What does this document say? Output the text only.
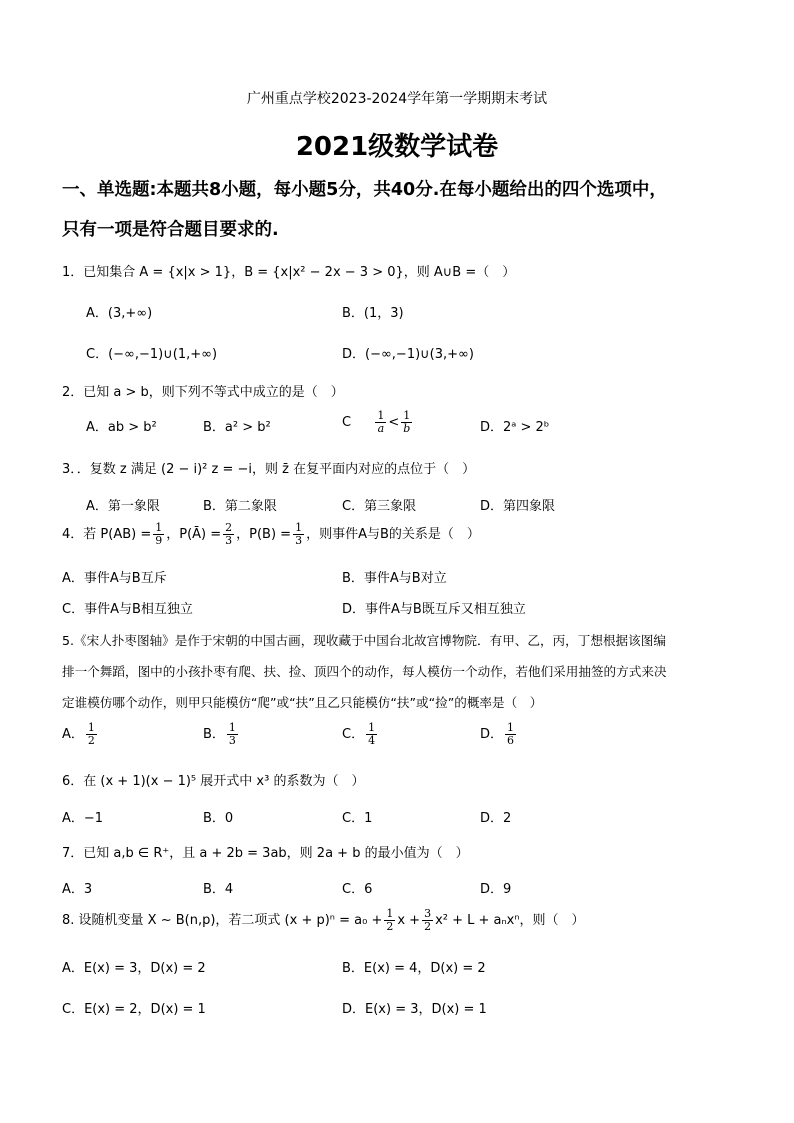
广州重点学校2023-2024学年第一学期期末考试
2021级数学试卷
一、单选题:本题共8小题，每小题5分，共40分.在每小题给出的四个选项中，
只有一项是符合题目要求的.
1．已知集合 A = {x|x > 1}，B = {x|x² − 2x − 3 > 0}，则 A∪B =（　）
A．(3,+∞)	B．(1，3)
C．(−∞,−1)∪(1,+∞)	D．(−∞,−1)∪(3,+∞)
2．已知 a > b，则下列不等式中成立的是（　）
A．ab > b²	B．a² > b²	C $\frac{1}{a} < \frac{1}{b}$	D．2ᵃ > 2ᵇ
3．．复数 z 满足 (2 − i)² z = −i，则 z̄ 在复平面内对应的点位于（　）
A．第一象限	B．第二象限	C．第三象限	D．第四象限
4．若 $P(AB) = \frac{1}{9}$ ，P(Ā) = $\frac{2}{3}$ ，$P(B) = \frac{1}{3}$ ，则事件A与B的关系是（　）
A．事件A与B互斥	B．事件A与B对立
C．事件A与B相互独立	D．事件A与B既互斥又相互独立
5.《宋人扑枣图轴》是作于宋朝的中国古画，现收藏于中国台北故宫博物院．有甲、乙，丙，丁想根据该图编
排一个舞蹈，图中的小孩扑枣有爬、扶、捡、顶四个的动作，每人模仿一个动作，若他们采用抽签的方式来决
定谁模仿哪个动作，则甲只能模仿“爬”或“扶”且乙只能模仿“扶”或“捡”的概率是（　）
A． $\frac{1}{2}$	B． $\frac{1}{3}$	C． $\frac{1}{4}$	D． $\frac{1}{6}$
6．在 (x + 1)(x − 1)⁵ 展开式中 x³ 的系数为（　）
A．−1	B．0	C．1	D．2
7．已知 a,b ∈ R⁺，且 a + 2b = 3ab，则 2a + b 的最小值为（　）
A．3	B．4	C．6	D．9
8. 设随机变量 X ~ B(n,p)，若二项式 $(x + p)^n = a_0 + \frac{1}{2}$ $x + \frac{3}{2} x^2 + L + a_nx^n$，则（　）
A．E(x) = 3，D(x) = 2	B．E(x) = 4，D(x) = 2
C．E(x) = 2，D(x) = 1	D．E(x) = 3，D(x) = 1
